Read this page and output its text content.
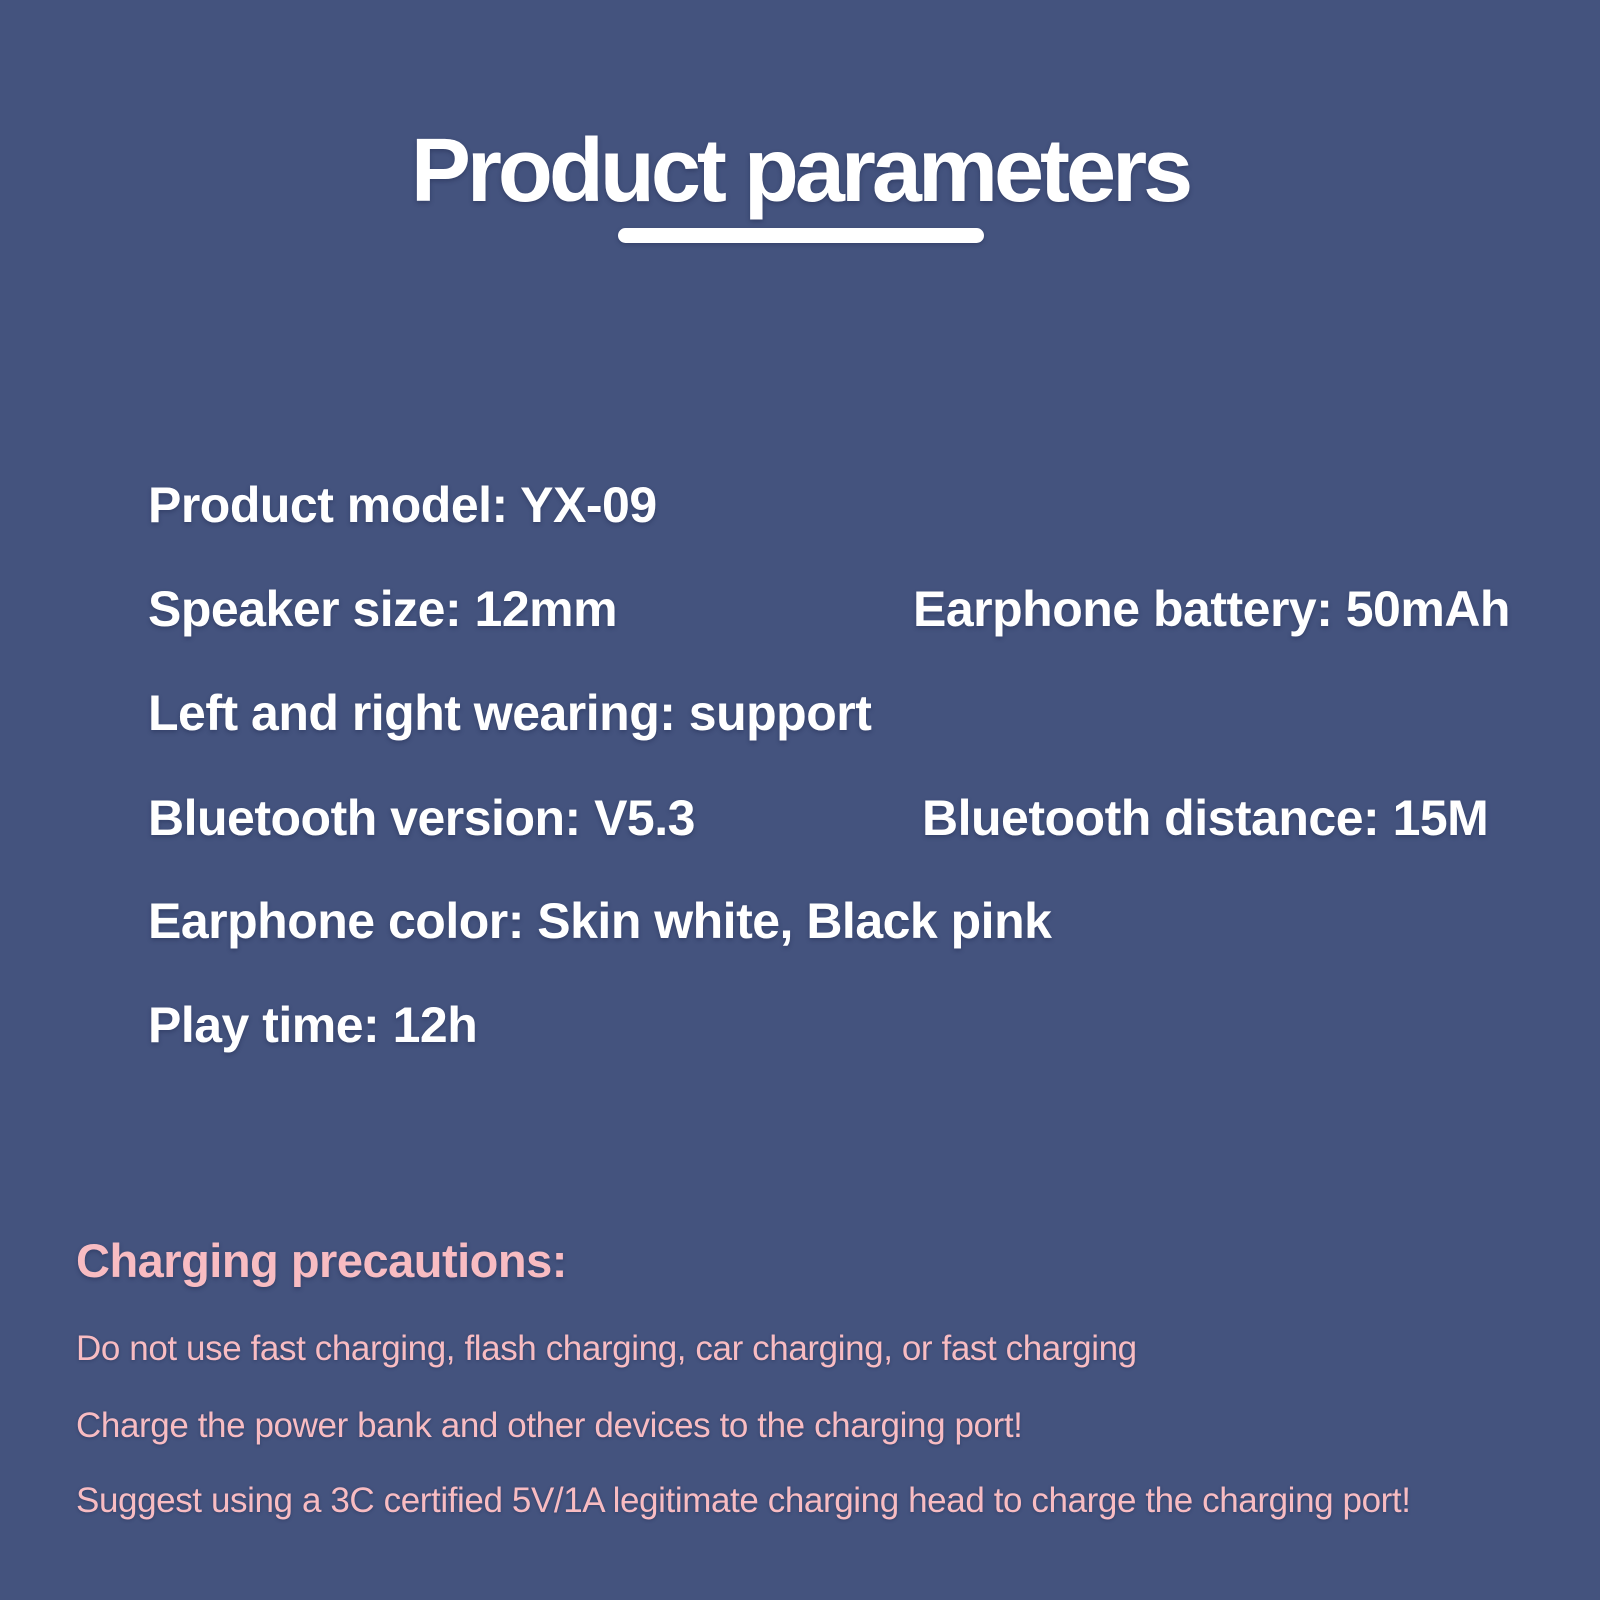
Product parameters
Product model: YX-09
Speaker size: 12mm	Earphone battery: 50mAh
Left and right wearing: support
Bluetooth version: V5.3	Bluetooth distance: 15M
Earphone color: Skin white, Black pink
Play time: 12h
Charging precautions:
Do not use fast charging, flash charging, car charging, or fast charging
Charge the power bank and other devices to the charging port!
Suggest using a 3C certified 5V/1A legitimate charging head to charge the charging port!
